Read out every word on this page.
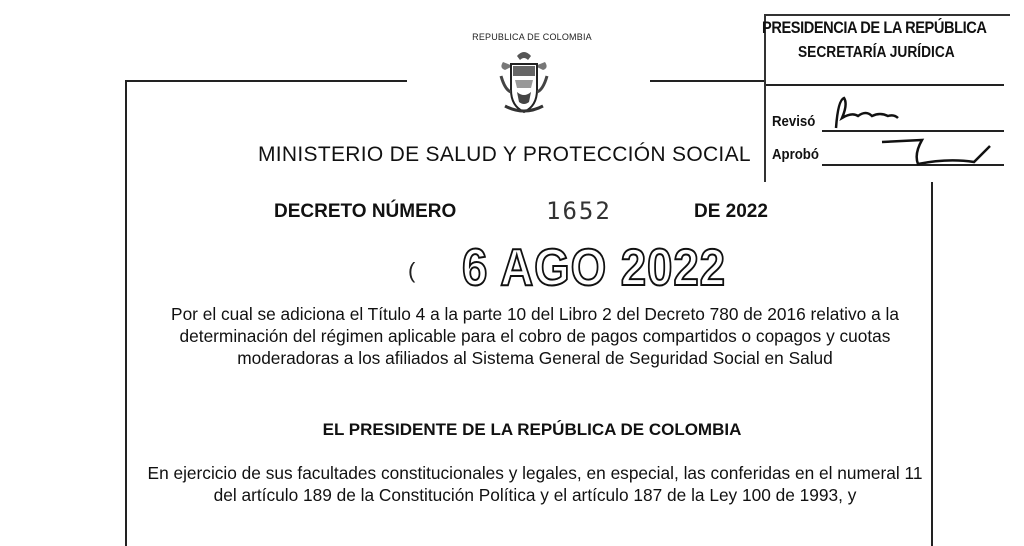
REPUBLICA DE COLOMBIA
MINISTERIO DE SALUD Y PROTECCIÓN SOCIAL
DECRETO NÚMERO	1652	DE 2022
( 6 AGO 2022
Por el cual se adiciona el Título 4 a la parte 10 del Libro 2 del Decreto 780 de 2016 relativo a la determinación del régimen aplicable para el cobro de pagos compartidos o copagos y cuotas moderadoras a los afiliados al Sistema General de Seguridad Social en Salud
EL PRESIDENTE DE LA REPÚBLICA DE COLOMBIA
En ejercicio de sus facultades constitucionales y legales, en especial, las conferidas en el numeral 11 del artículo 189 de la Constitución Política y el artículo 187 de la Ley 100 de 1993, y
PRESIDENCIA DE LA REPÚBLICA
SECRETARÍA JURÍDICA
Revisó
Aprobó
